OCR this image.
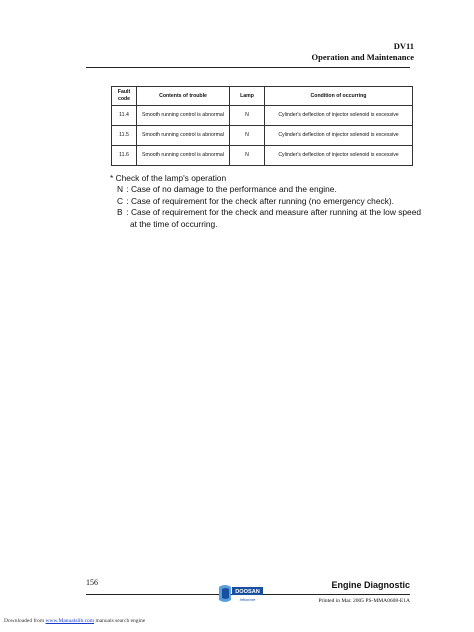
DV11
Operation and Maintenance
Fault code	Contents of trouble	Lamp	Condition of occurring
11.4	Smooth running control is abnormal	N	Cylinder's deflection of injector solenoid is excessive
11.5	Smooth running control is abnormal	N	Cylinder's deflection of injector solenoid is excessive
11.6	Smooth running control is abnormal	N	Cylinder's deflection of injector solenoid is excessive

* Check of the lamp's operation

N : Case of no damage to the performance and the engine.

C : Case of requirement for the check after running (no emergency check).

B : Case of requirement for the check and measure after running at the low speed
at the time of occurring.

156
DOOSAN
Infracore
Engine Diagnostic
Printed in Mar. 2005 PS-MMA0608-E1A
Downloaded from www.Manualslib.com manuals search engine
